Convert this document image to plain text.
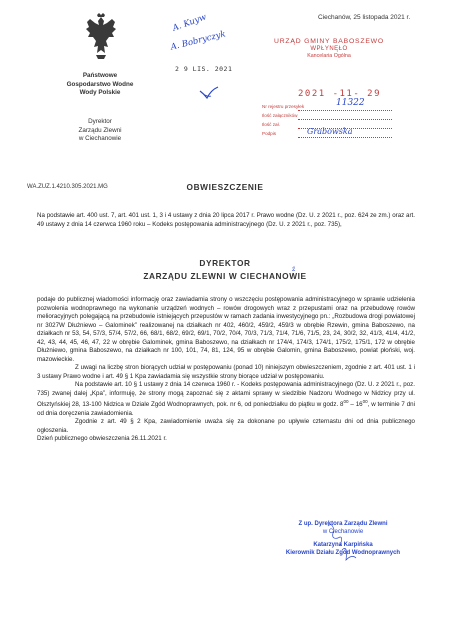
Państwowe
Gospodarstwo Wodne
Wody Polskie
Dyrektor
Zarządu Zlewni
w Ciechanowie
WA.ZUZ.1.4210.305.2021.MG
Ciechanów, 25 listopada 2021 r.
A. Kuyw
A. Bobryczyk
2 9 LIS. 2021
URZĄD GMINY BABOSZEWO
WPŁYNĘŁO
Kancelaria Ogólna
2021 -11- 29
Nr rejestru przesyłek	11322
Ilość załączników
Ilość zał.
Podpis	Grabowska
OBWIESZCZENIE
Na podstawie art. 400 ust. 7, art. 401 ust. 1, 3 i 4 ustawy z dnia 20 lipca 2017 r. Prawo wodne (Dz. U. z 2021 r., poz. 624 ze zm.) oraz art. 49 ustawy z dnia 14 czerwca 1960 roku – Kodeks postępowania administracyjnego (Dz. U. z 2021 r., poz. 735),
DYREKTOR
ZARZĄDU ZLEWNI W CIECHANOWIE
ź

podaje do publicznej wiadomości informację oraz zawiadamia strony o wszczęciu postępowania administracyjnego w sprawie udzielenia pozwolenia wodnoprawnego na wykonanie urządzeń wodnych – rowów drogowych wraz z przepustami oraz na przebudowę rowów melioracyjnych polegającą na przebudowie istniejących przepustów w ramach zadania inwestycyjnego pn.: „Rozbudowa drogi powiatowej nr 3027W Dłużniewo – Galominek” realizowanej na działkach nr 402, 460/2, 459/2, 459/3 w obrębie Rzewin, gmina Baboszewo, na działkach nr 53, 54, 57/3, 57/4, 57/2, 66, 68/1, 68/2, 69/2, 69/1, 70/2, 70/4, 70/3, 71/3, 71/4, 71/6, 71/5, 23, 24, 30/2, 32, 41/3, 41/4, 41/2, 42, 43, 44, 45, 46, 47, 22 w obrębie Galominek, gmina Baboszewo, na działkach nr 174/4, 174/3, 174/1, 175/2, 175/1, 172 w obrębie Dłużniewo, gmina Baboszewo, na działkach nr 100, 101, 74, 81, 124, 95 w obrębie Galomin, gmina Baboszewo, powiat płoński, woj. mazowieckie.

Z uwagi na liczbę stron biorących udział w postępowaniu (ponad 10) niniejszym obwieszczeniem, zgodnie z art. 401 ust. 1 i 3 ustawy Prawo wodne i art. 49 § 1 Kpa zawiadamia się wszystkie strony biorące udział w postępowaniu.

Na podstawie art. 10 § 1 ustawy z dnia 14 czerwca 1960 r. - Kodeks postępowania administracyjnego (Dz. U. z 2021 r., poz. 735) zwanej dalej „Kpa”, informuję, że strony mogą zapoznać się z aktami sprawy w siedzibie Nadzoru Wodnego w Nidzicy przy ul. Olsztyńskiej 28, 13-100 Nidzica w Dziale Zgód Wodnoprawnych, pok. nr 6, od poniedziałku do piątku w godz. $8^{00} - 16^{00}$, w terminie 7 dni od dnia doręczenia zawiadomienia.

Zgodnie z art. 49 § 2 Kpa, zawiadomienie uważa się za dokonane po upływie czternastu dni od dnia publicznego ogłoszenia.

Dzień publicznego obwieszczenia 26.11.2021 r.

Z up. Dyrektora Zarządu Zlewni
w Ciechanowie
Katarzyna Karpińska
Kierownik Działu Zgód Wodnoprawnych
